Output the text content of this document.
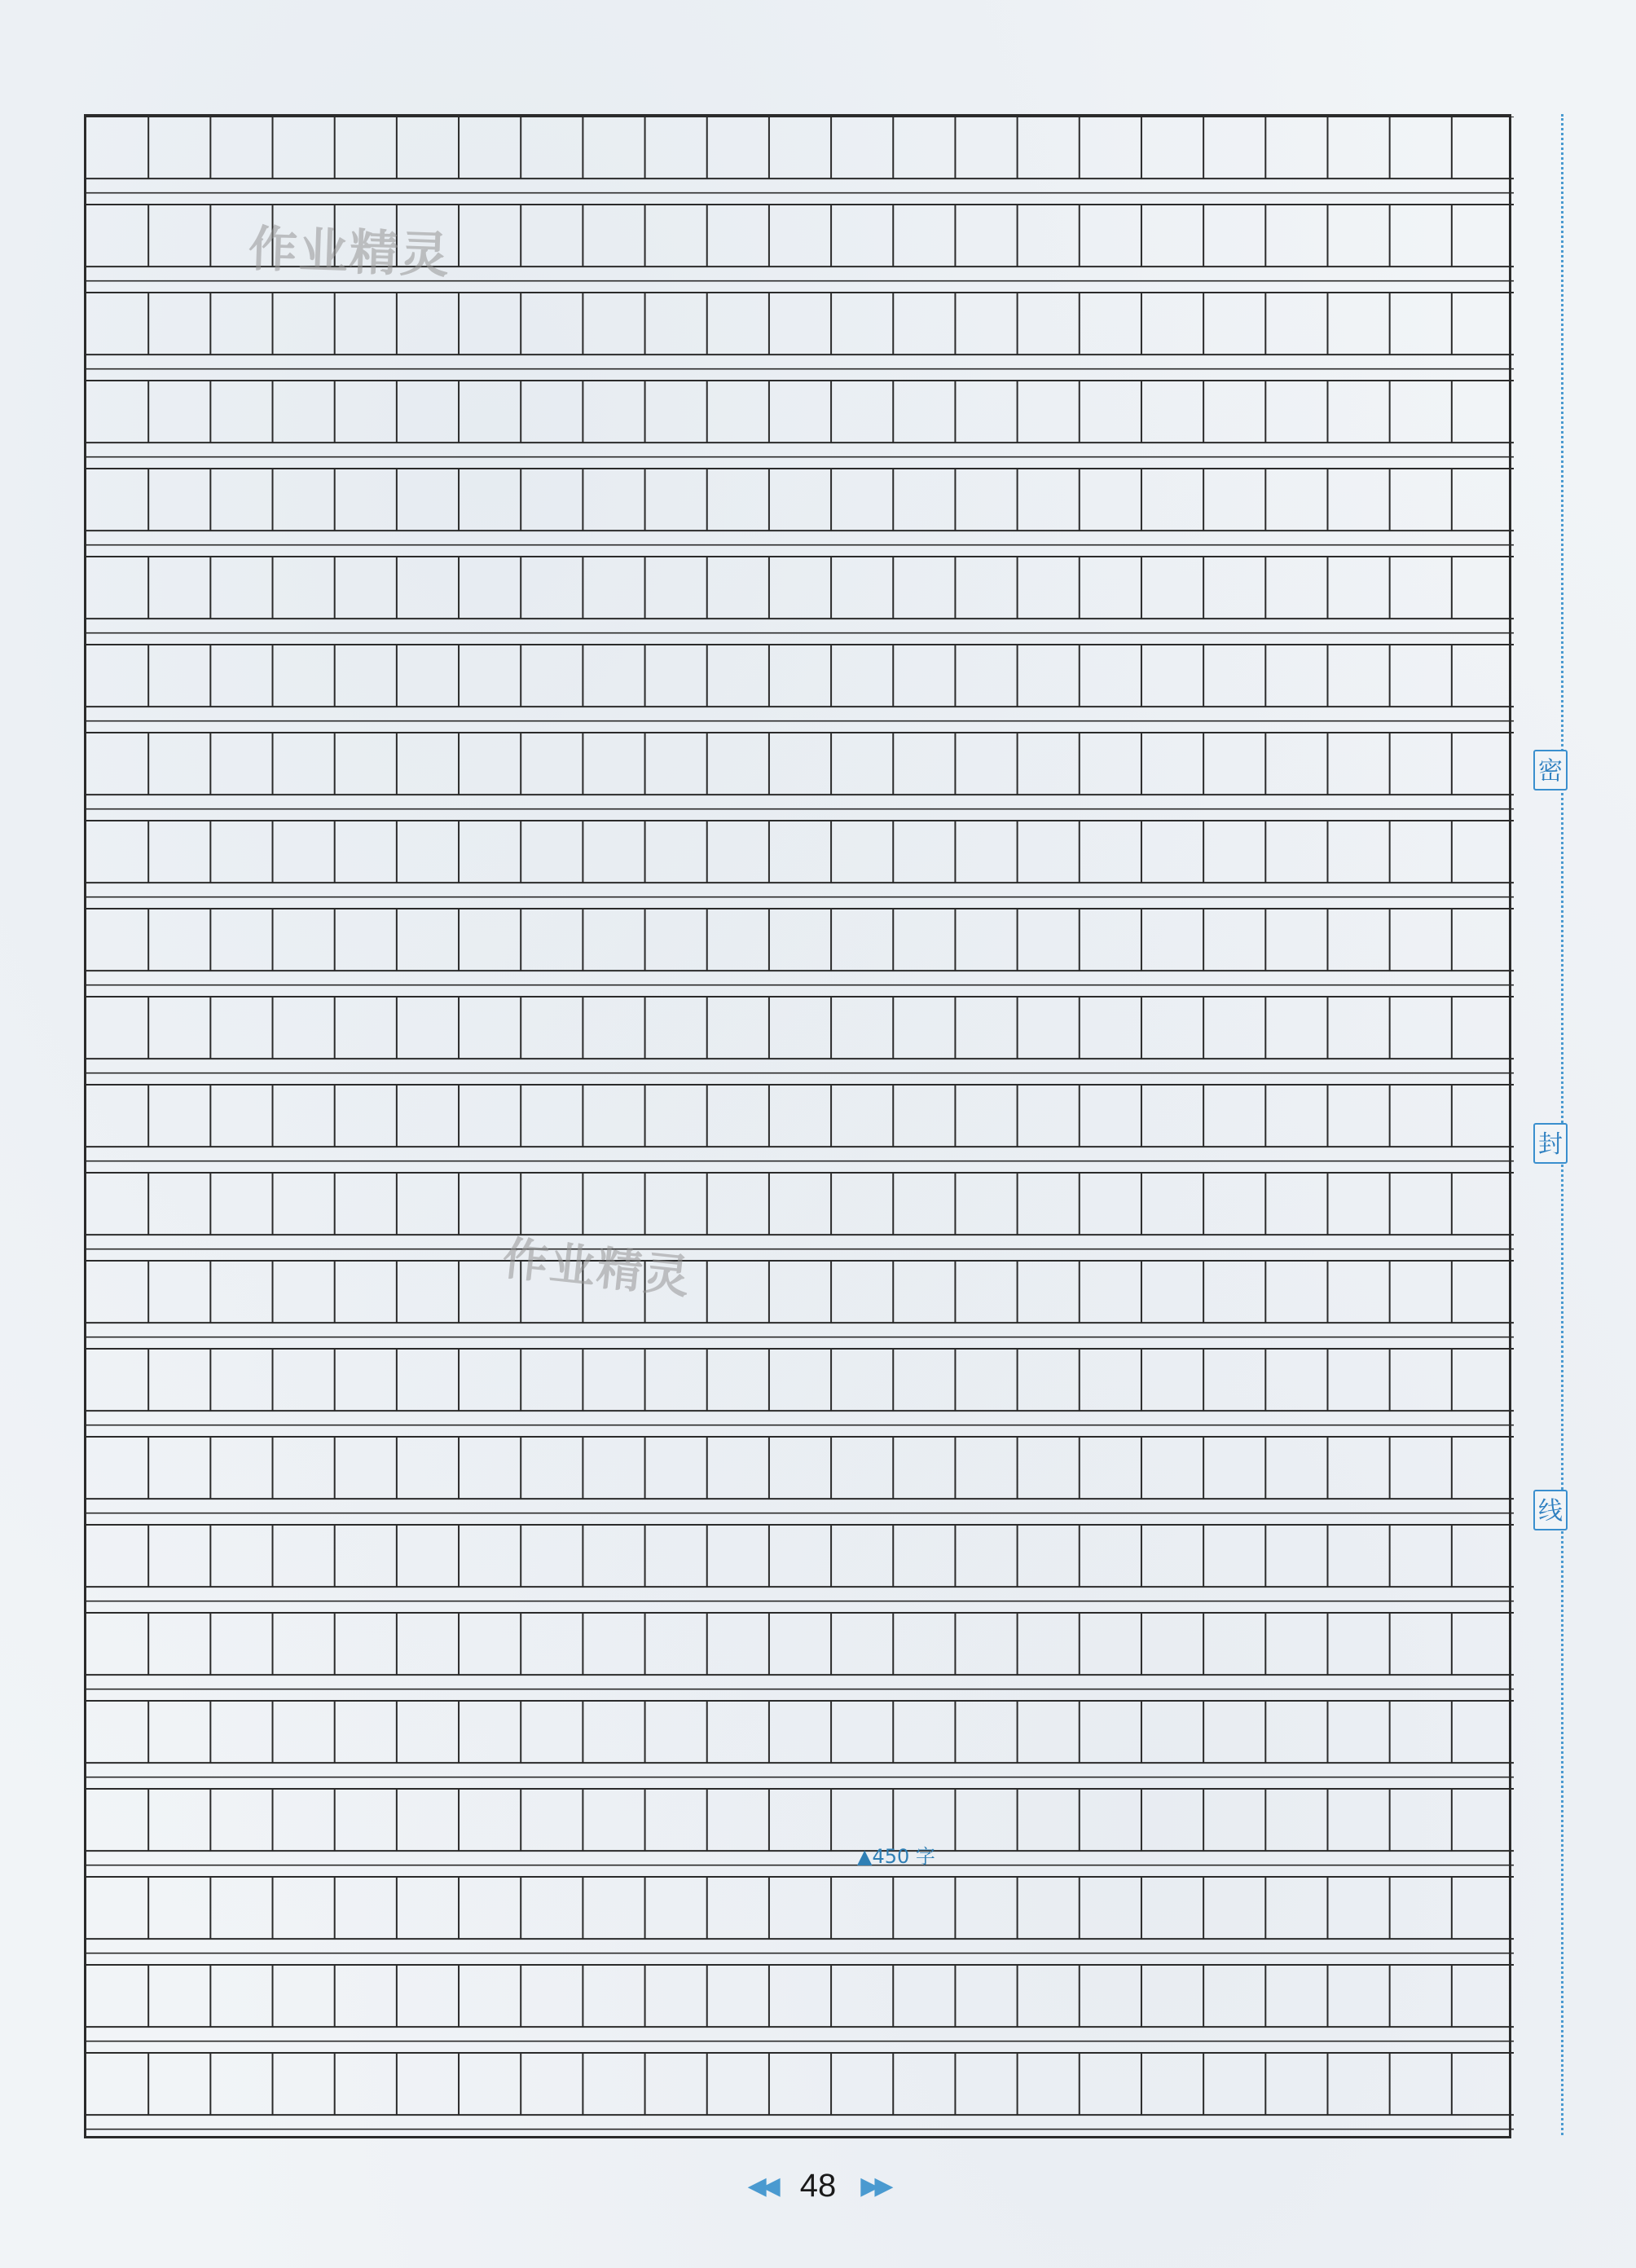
作业精灵
作业精灵
▲450 字
密
封
线
◀◀ 48	▶▶
